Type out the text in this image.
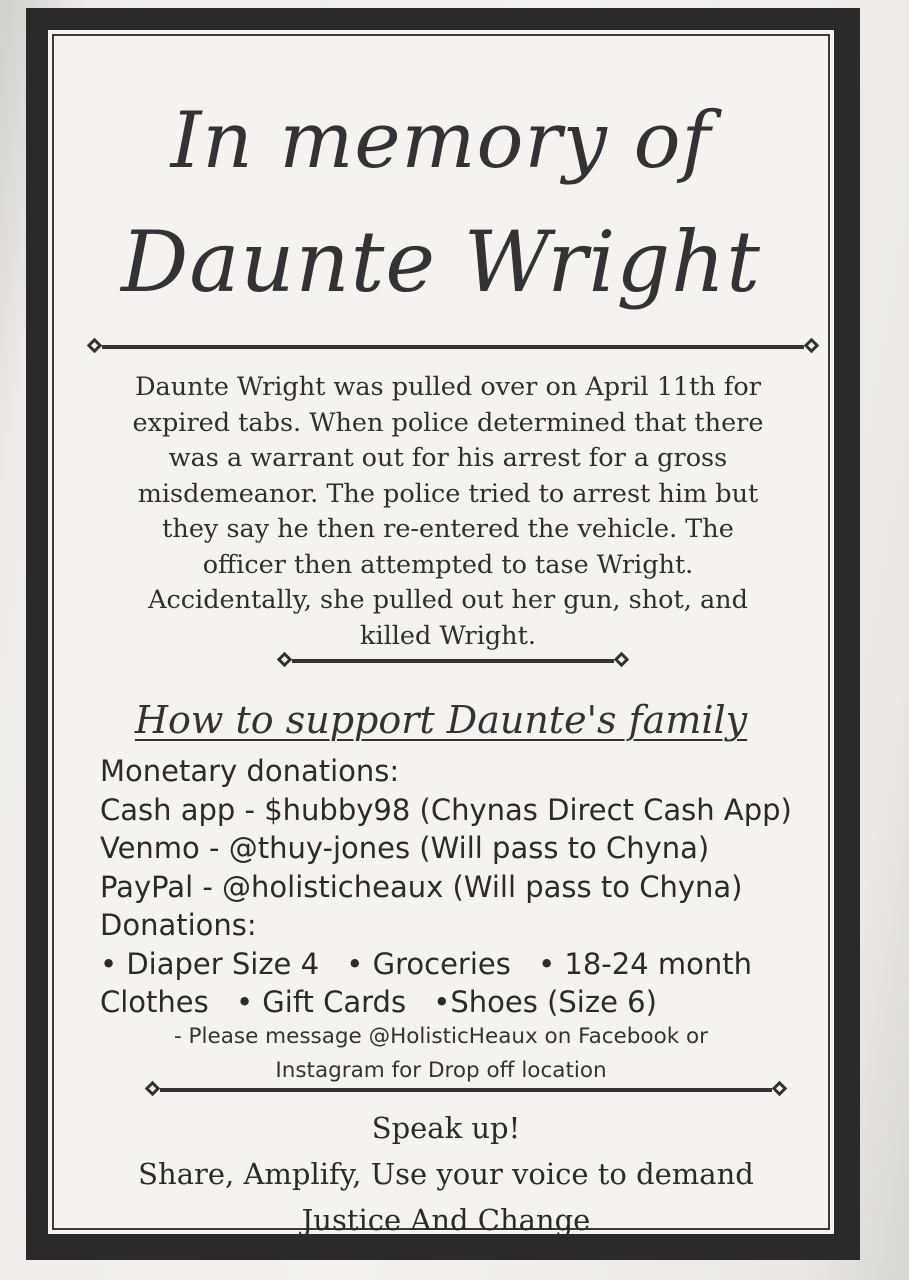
In memory of
Daunte Wright
Daunte Wright was pulled over on April 11th for
expired tabs. When police determined that there
was a warrant out for his arrest for a gross
misdemeanor. The police tried to arrest him but
they say he then re-entered the vehicle. The
officer then attempted to tase Wright.
Accidentally, she pulled out her gun, shot, and
killed Wright.
How to support Daunte's family
Monetary donations:
Cash app - $hubby98 (Chynas Direct Cash App)
Venmo - @thuy-jones (Will pass to Chyna)
PayPal - @holisticheaux (Will pass to Chyna)
Donations:
• Diaper Size 4 • Groceries • 18-24 month
Clothes • Gift Cards •Shoes (Size 6)
- Please message @HolisticHeaux on Facebook or
Instagram for Drop off location
Speak up!
Share, Amplify, Use your voice to demand
Justice And Change
